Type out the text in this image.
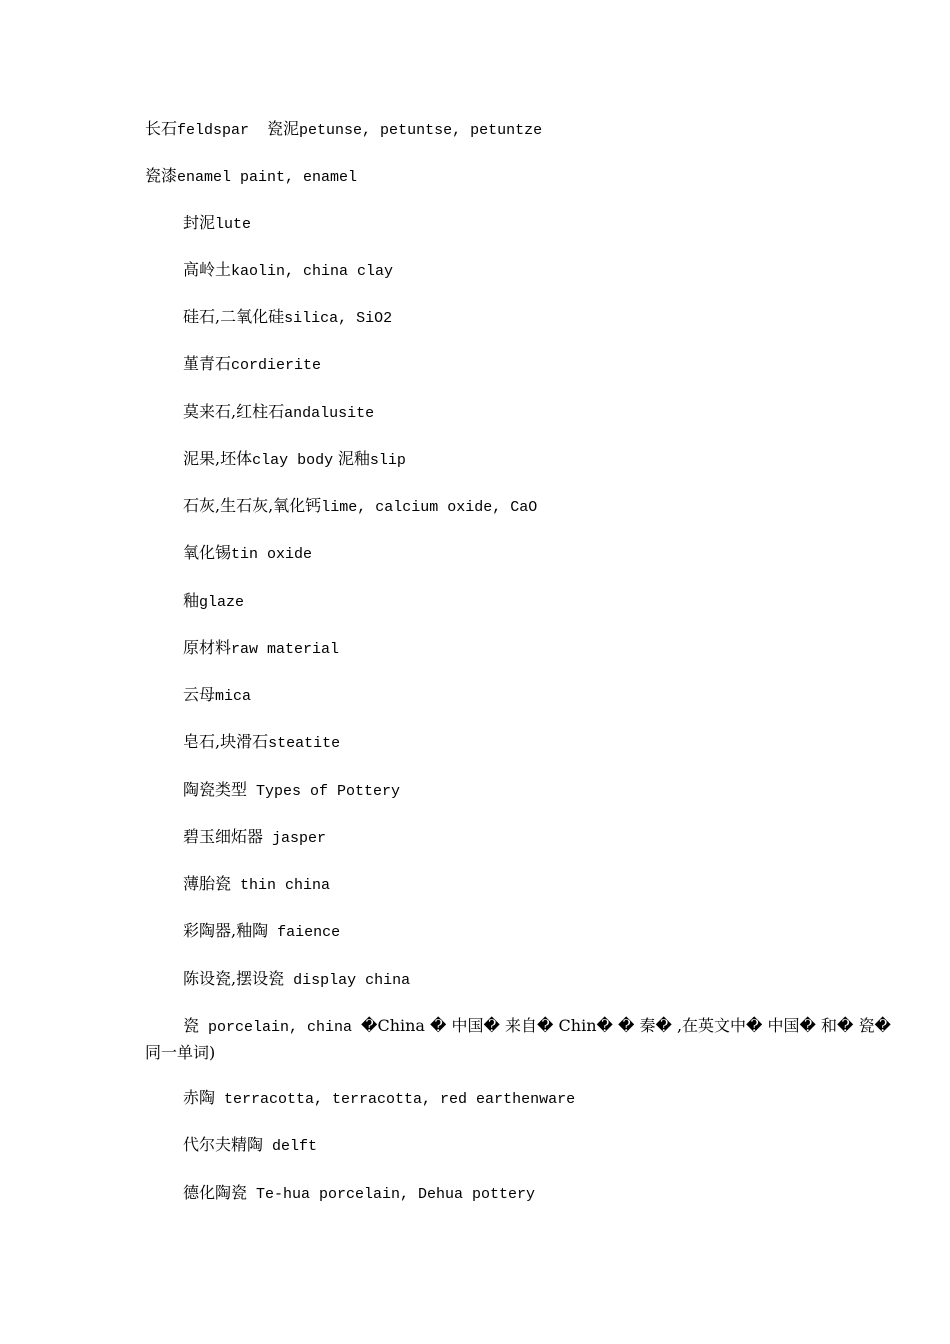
长石feldspar 瓷泥petunse, petuntse, petuntze
瓷漆enamel paint, enamel
封泥lute
高岭土kaolin, china clay
硅石,二氧化硅silica, SiO2
堇青石cordierite
莫来石,红柱石andalusite
泥果,坯体clay body 泥釉slip
石灰,生石灰,氧化钙lime, calcium oxide, CaO
氧化锡tin oxide
釉glaze
原材料raw material
云母mica
皂石,块滑石steatite
陶瓷类型 Types of Pottery
碧玉细炻器 jasper
薄胎瓷 thin china
彩陶器,釉陶 faience
陈设瓷,摆设瓷 display china
瓷 porcelain, china �China � 中国� 来自� Chin� � 秦� ,在英文中� 中国� 和� 瓷�
同一单词)
赤陶 terracotta, terracotta, red earthenware
代尔夫精陶 delft
德化陶瓷 Te-hua porcelain, Dehua pottery
